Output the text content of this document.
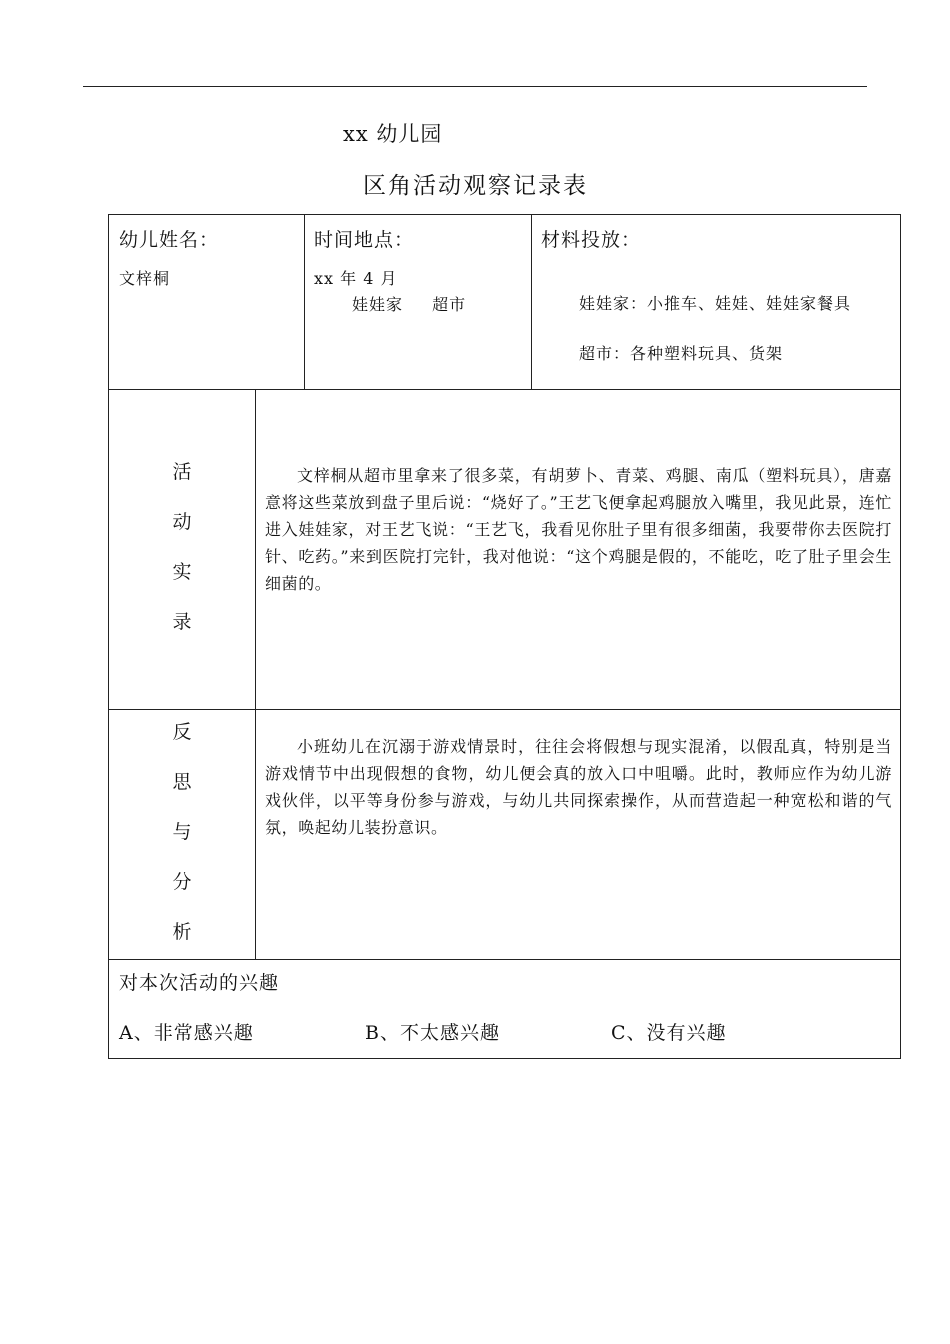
xx 幼儿园
区角活动观察记录表
幼儿姓名：
文梓桐
时间地点：
xx 年 4 月
娃娃家　  超市
材料投放：
娃娃家：小推车、娃娃、娃娃家餐具
超市：各种塑料玩具、货架
活
动
实
录
文梓桐从超市里拿来了很多菜，有胡萝卜、青菜、鸡腿、南瓜（塑料玩具），唐嘉意将这些菜放到盘子里后说：“烧好了。”王艺飞便拿起鸡腿放入嘴里，我见此景，连忙进入娃娃家，对王艺飞说：“王艺飞，我看见你肚子里有很多细菌，我要带你去医院打针、吃药。”来到医院打完针，我对他说：“这个鸡腿是假的，不能吃，吃了肚子里会生细菌的。
反
思
与
分
析
小班幼儿在沉溺于游戏情景时，往往会将假想与现实混淆，以假乱真，特别是当游戏情节中出现假想的食物，幼儿便会真的放入口中咀嚼。此时，教师应作为幼儿游戏伙伴，以平等身份参与游戏，与幼儿共同探索操作，从而营造起一种宽松和谐的气氛，唤起幼儿装扮意识。
对本次活动的兴趣
A、非常感兴趣	B、不太感兴趣	C、没有兴趣
